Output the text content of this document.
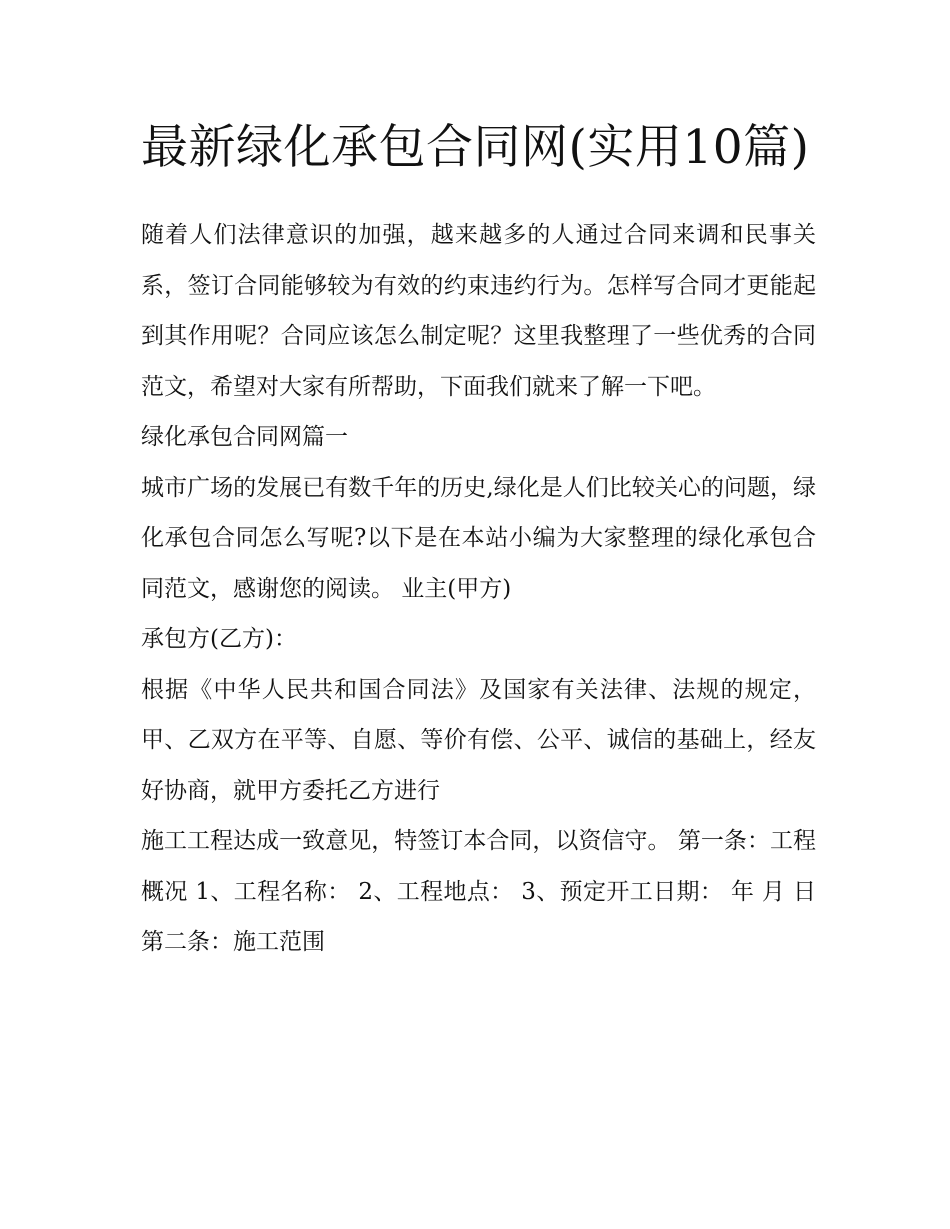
最新绿化承包合同网(实用10篇)

随着人们法律意识的加强，越来越多的人通过合同来调和民事关系，签订合同能够较为有效的约束违约行为。怎样写合同才更能起到其作用呢？合同应该怎么制定呢？这里我整理了一些优秀的合同范文，希望对大家有所帮助，下面我们就来了解一下吧。

绿化承包合同网篇一

城市广场的发展已有数千年的历史,绿化是人们比较关心的问题，绿化承包合同怎么写呢?以下是在本站小编为大家整理的绿化承包合同范文，感谢您的阅读。 业主(甲方)

承包方(乙方)：

根据《中华人民共和国合同法》及国家有关法律、法规的规定，甲、乙双方在平等、自愿、等价有偿、公平、诚信的基础上，经友好协商，就甲方委托乙方进行

施工工程达成一致意见，特签订本合同，以资信守。 第一条：工程概况 1、工程名称： 2、工程地点： 3、预定开工日期： 年 月 日 第二条：施工范围
